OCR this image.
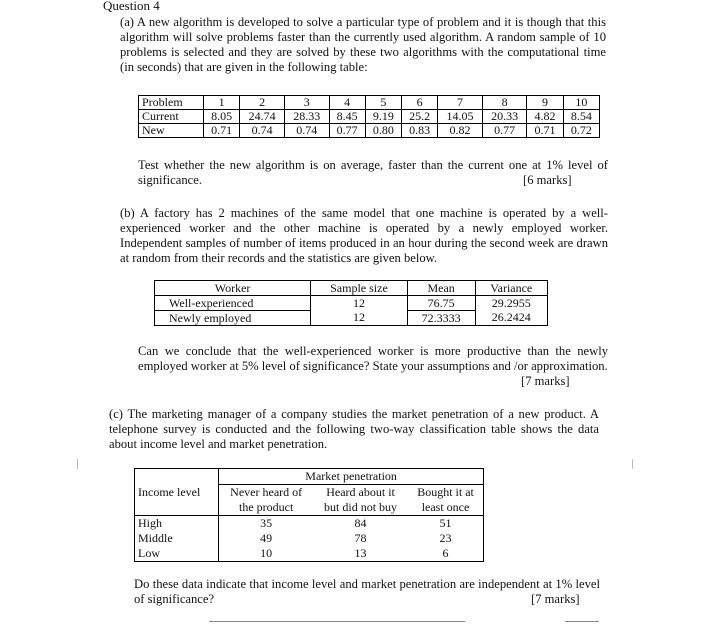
Question 4

(a) A new algorithm is developed to solve a particular type of problem and it is though that this algorithm will solve problems faster than the currently used algorithm. A random sample of 10 problems is selected and they are solved by these two algorithms with the computational time (in seconds) that are given in the following table:

Problem	1	2	3	4	5	6	7	8	9	10
Current	8.05	24.74	28.33	8.45	9.19	25.2	14.05	20.33	4.82	8.54
New	0.71	0.74	0.74	0.77	0.80	0.83	0.82	0.77	0.71	0.72

Test whether the new algorithm is on average, faster than the current one at 1% level of significance.	[6 marks]

(b) A factory has 2 machines of the same model that one machine is operated by a well-experienced worker and the other machine is operated by a newly employed worker. Independent samples of number of items produced in an hour during the second week are drawn at random from their records and the statistics are given below.

Worker	Sample size	Mean	Variance
Well-experienced	12	76.75	29.2955
Newly employed	12	72.3333	26.2424

Can we conclude that the well-experienced worker is more productive than the newly employed worker at 5% level of significance? State your assumptions and /or approximation.

[7 marks]

(c) The marketing manager of a company studies the market penetration of a new product. A telephone survey is conducted and the following two-way classification table shows the data about income level and market penetration.

	Market penetration		
Income level	Never heard of	Heard about it	Bought it at
	the product	but did not buy	least once
High	35	84	51
Middle	49	78	23
Low	10	13	6

Do these data indicate that income level and market penetration are independent at 1% level of significance?	[7 marks]
